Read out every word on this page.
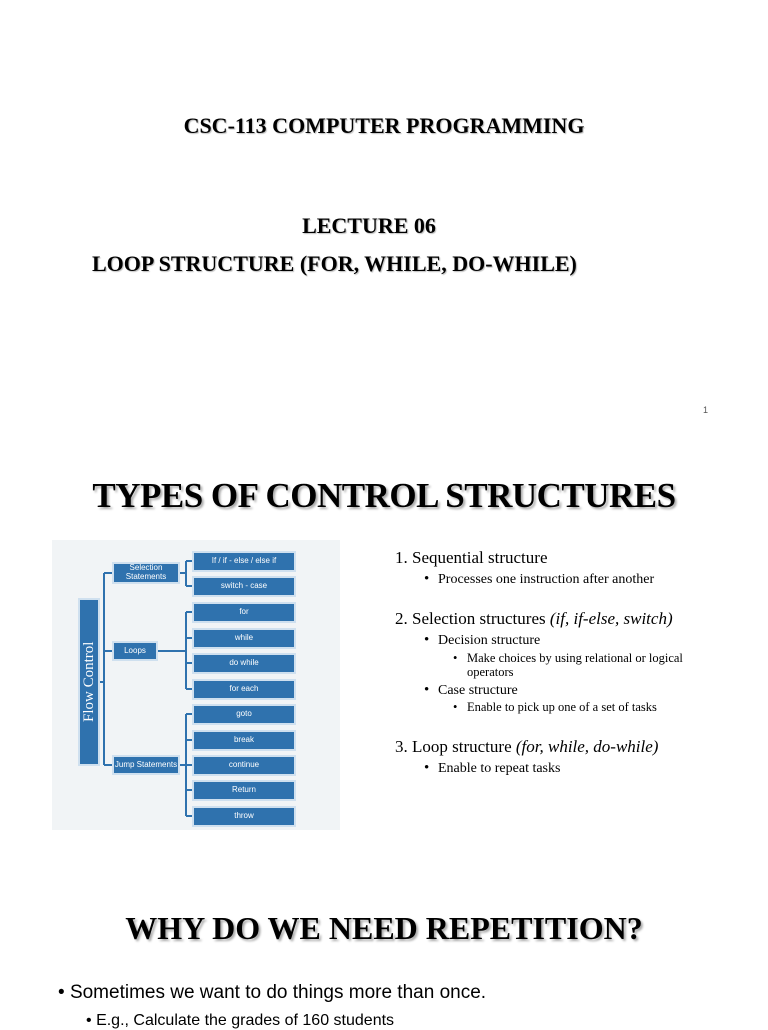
CSC-113 COMPUTER PROGRAMMING
LECTURE 06
LOOP STRUCTURE (FOR, WHILE, DO-WHILE)
1
TYPES OF CONTROL STRUCTURES
Flow Control
Selection Statements
Loops
Jump Statements
If / if - else / else if
switch - case
for
while
do while
for each
goto
break
continue
Return
throw
1. Sequential structure
• Processes one instruction after another
2. Selection structures (if, if-else, switch)
• Decision structure
• Make choices by using relational or logical
operators
• Case structure
• Enable to pick up one of a set of tasks
3. Loop structure (for, while, do-while)
• Enable to repeat tasks
WHY DO WE NEED REPETITION?
• Sometimes we want to do things more than once.
• E.g., Calculate the grades of 160 students
